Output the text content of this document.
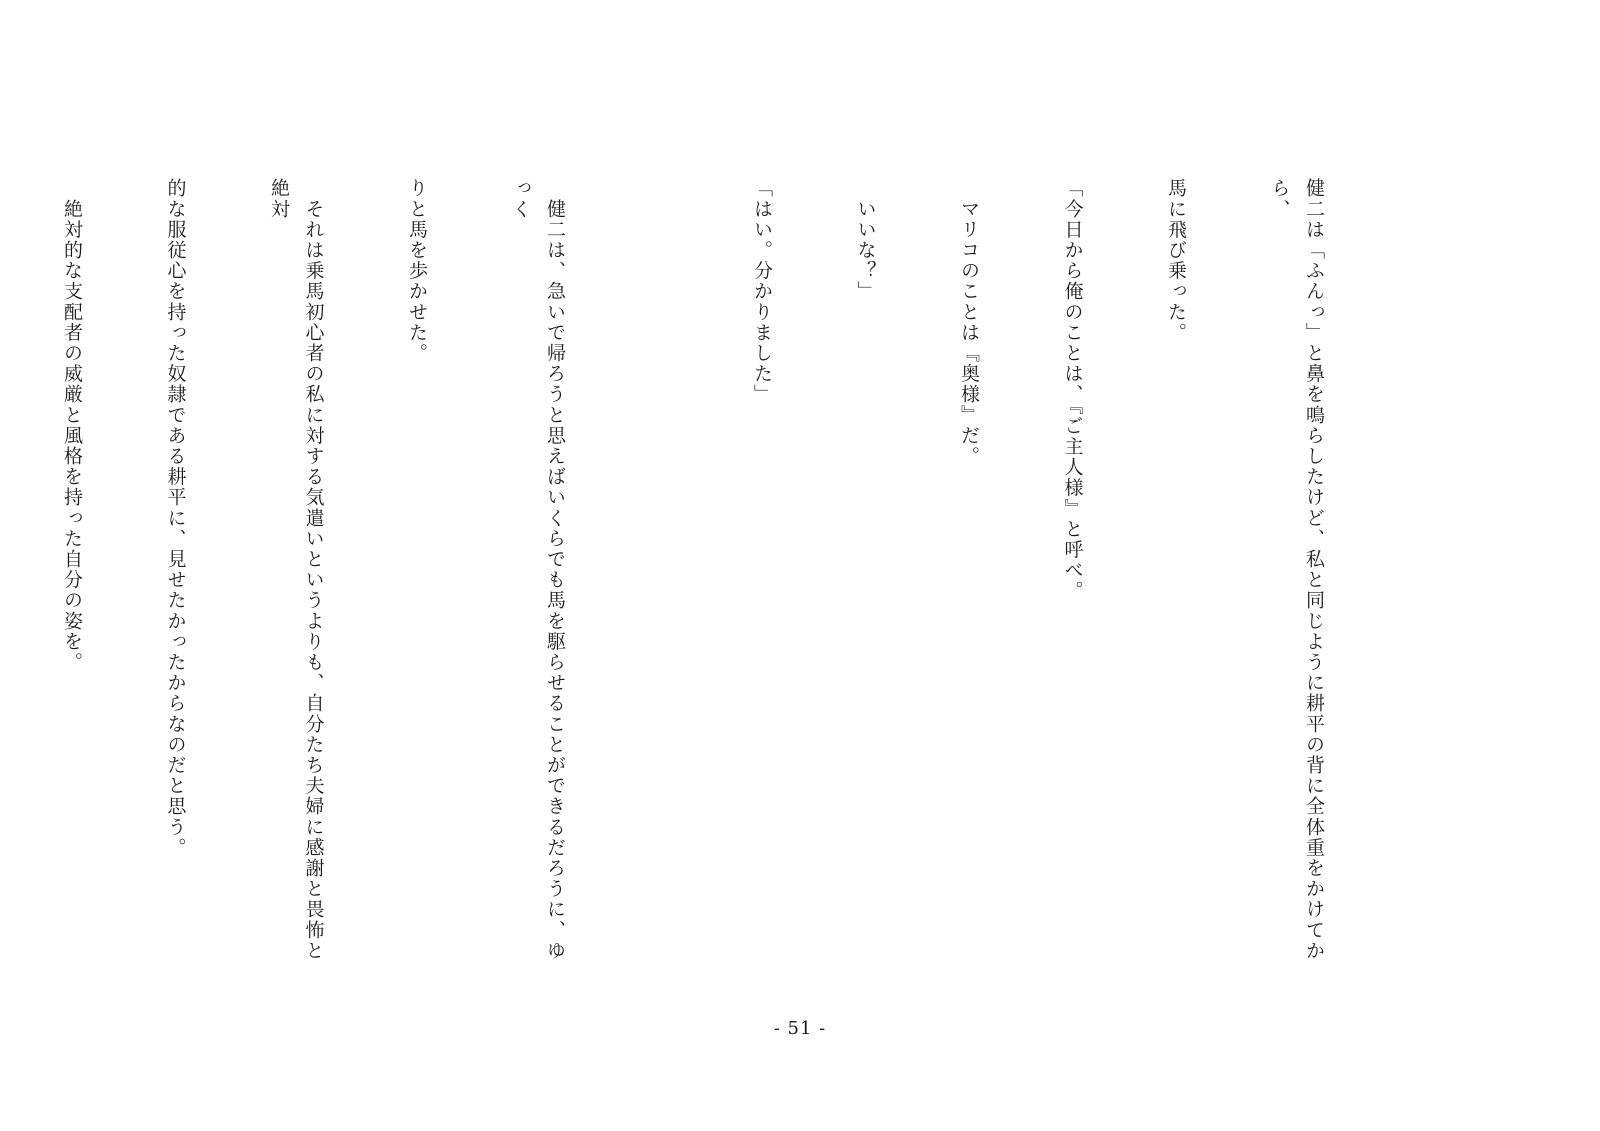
健二は「ふんっ」と鼻を鳴らしたけど、私と同じように耕平の背に全体重をかけてから、

馬に飛び乗った。

「今日から俺のことは、『ご主人様』と呼べ。

　マリコのことは『奥様』だ。

　いいな？」

「はい。分かりました」

　健二は、急いで帰ろうと思えばいくらでも馬を駆らせることができるだろうに、ゆっく

りと馬を歩かせた。

　それは乗馬初心者の私に対する気遣いというよりも、自分たち夫婦に感謝と畏怖と絶対

的な服従心を持った奴隷である耕平に、見せたかったからなのだと思う。

　絶対的な支配者の威厳と風格を持った自分の姿を。

- 51 -
